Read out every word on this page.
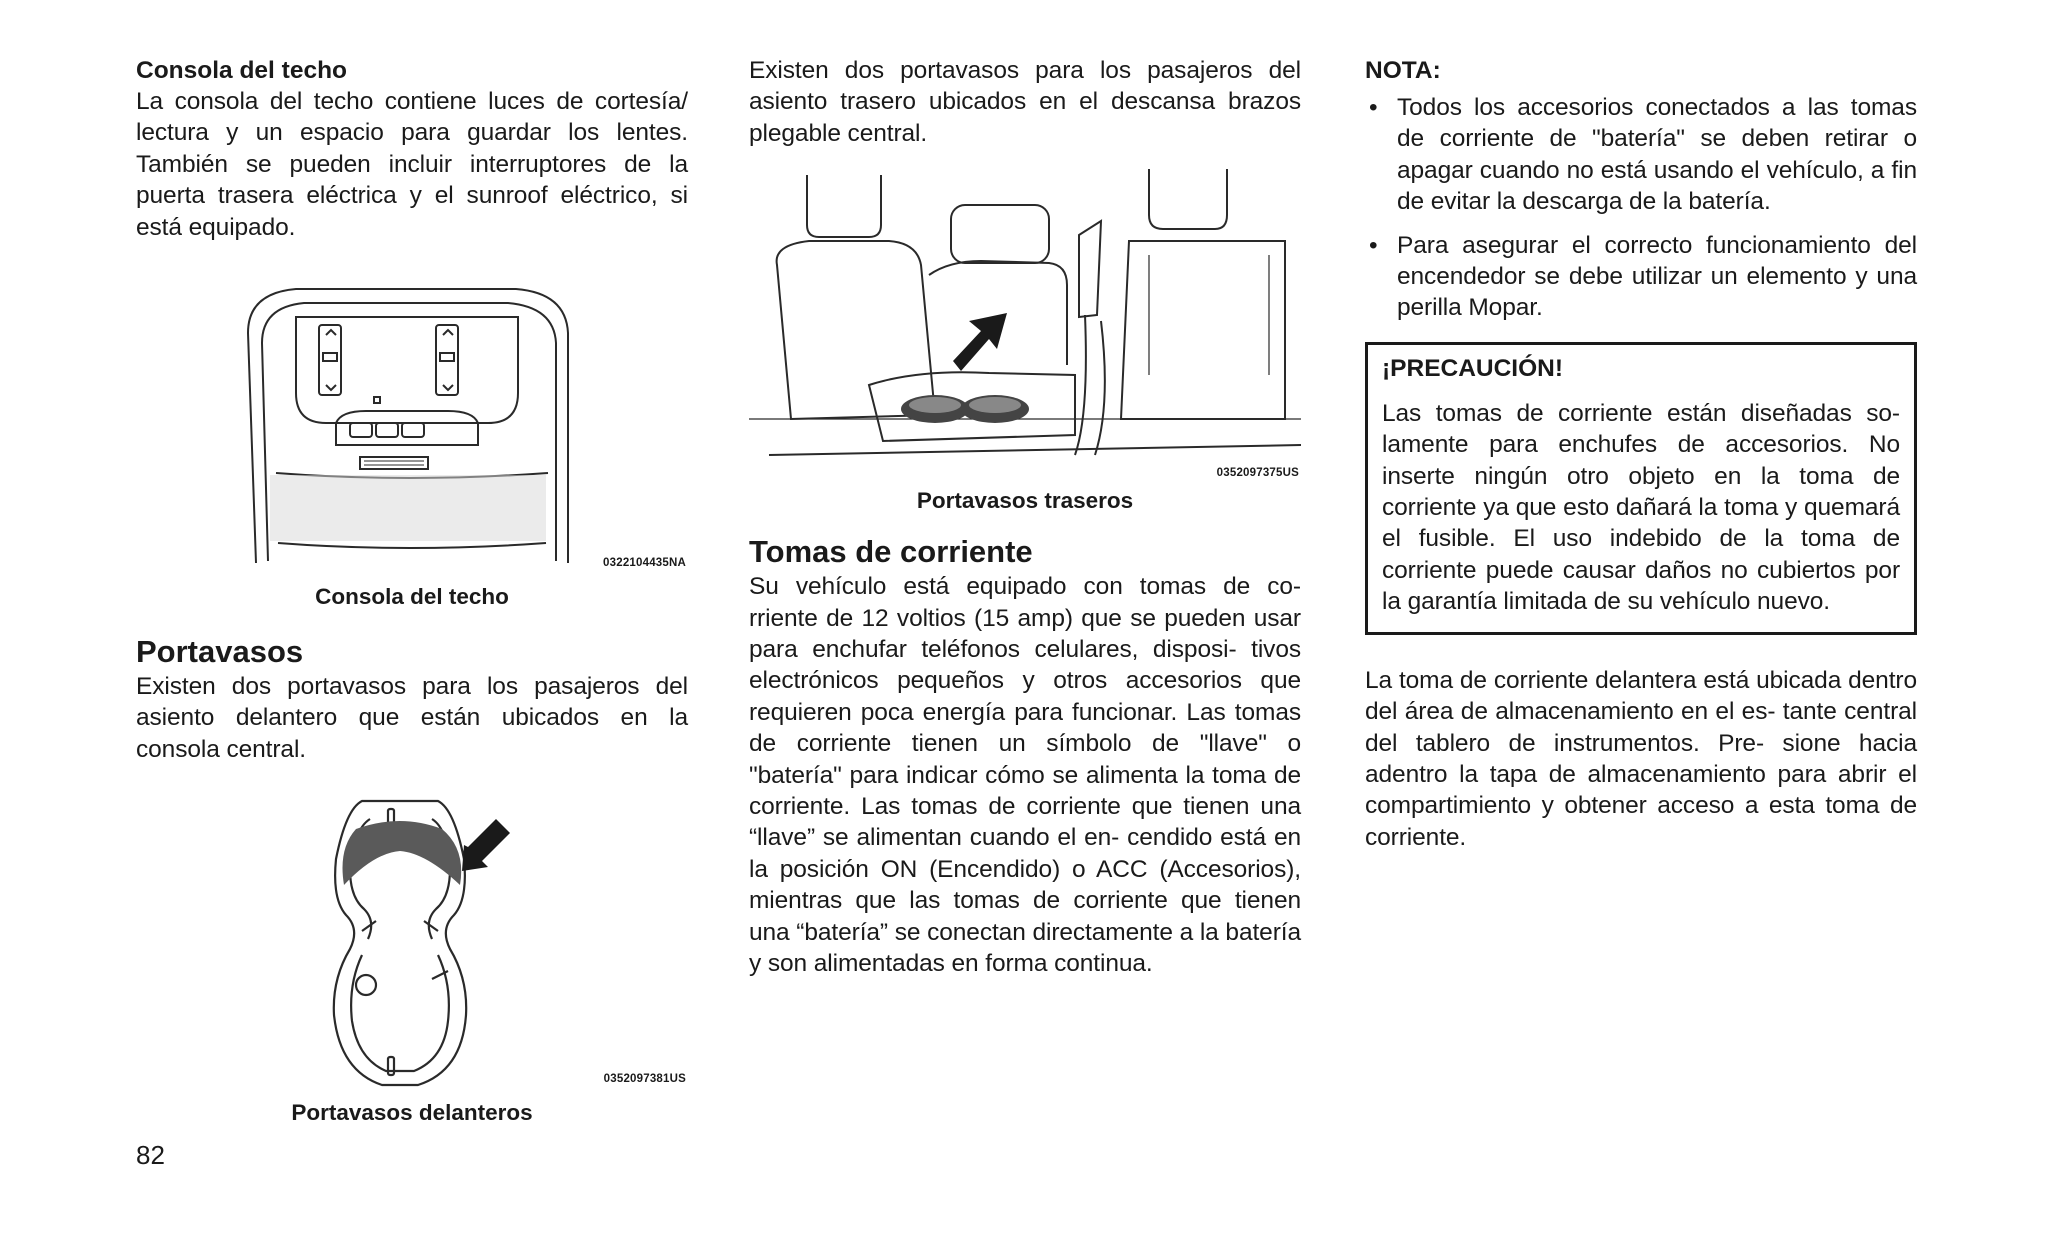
Consola del techo

La consola del techo contiene luces de cortesía/ lectura y un espacio para guardar los lentes. También se pueden incluir interruptores de la puerta trasera eléctrica y el sunroof eléctrico, si está equipado.

0322104435NA

Consola del techo

Portavasos

Existen dos portavasos para los pasajeros del asiento delantero que están ubicados en la consola central.

0352097381US

Portavasos delanteros

Existen dos portavasos para los pasajeros del asiento trasero ubicados en el descansa brazos plegable central.

0352097375US

Portavasos traseros

Tomas de corriente

Su vehículo está equipado con tomas de co- rriente de 12 voltios (15 amp) que se pueden usar para enchufar teléfonos celulares, disposi- tivos electrónicos pequeños y otros accesorios que requieren poca energía para funcionar. Las tomas de corriente tienen un símbolo de "llave" o "batería" para indicar cómo se alimenta la toma de corriente. Las tomas de corriente que tienen una “llave” se alimentan cuando el en- cendido está en la posición ON (Encendido) o ACC (Accesorios), mientras que las tomas de corriente que tienen una “batería” se conectan directamente a la batería y son alimentadas en forma continua.

NOTA:

• Todos los accesorios conectados a las tomas de corriente de "batería" se deben retirar o apagar cuando no está usando el vehículo, a fin de evitar la descarga de la batería.

• Para asegurar el correcto funcionamiento del encendedor se debe utilizar un elemento y una perilla Mopar.

¡PRECAUCIÓN!

Las tomas de corriente están diseñadas so- lamente para enchufes de accesorios. No inserte ningún otro objeto en la toma de corriente ya que esto dañará la toma y quemará el fusible. El uso indebido de la toma de corriente puede causar daños no cubiertos por la garantía limitada de su vehículo nuevo.

La toma de corriente delantera está ubicada dentro del área de almacenamiento en el es- tante central del tablero de instrumentos. Pre- sione hacia adentro la tapa de almacenamiento para abrir el compartimiento y obtener acceso a esta toma de corriente.

82
